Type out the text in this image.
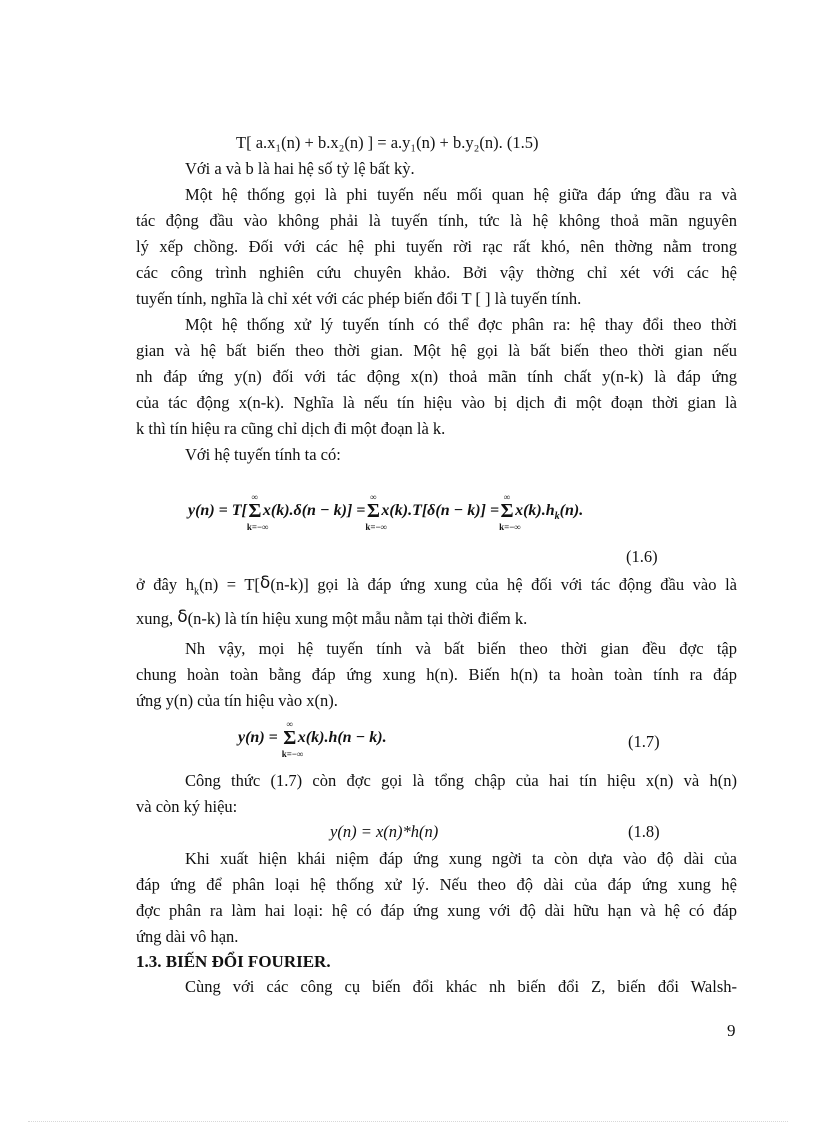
T[ a.x₁(n) + b.x₂(n) ] = a.y₁(n) + b.y₂(n). (1.5)
Với a và b là hai hệ số tỷ lệ bất kỳ.
Một hệ thống gọi là phi tuyến nếu mối quan hệ giữa đáp ứng đầu ra và
tác động đầu vào không phải là tuyến tính, tức là hệ không thoả mãn nguyên
lý xếp chồng. Đối với các hệ phi tuyến rời rạc rất khó, nên thờng nằm trong
các công trình nghiên cứu chuyên khảo. Bởi vậy thờng chỉ xét với các hệ
tuyến tính, nghĩa là chỉ xét với các phép biến đổi T [ ] là tuyến tính.
Một hệ thống xử lý tuyến tính có thể đợc phân ra: hệ thay đổi theo thời
gian và hệ bất biến theo thời gian. Một hệ gọi là bất biến theo thời gian nếu
nh đáp ứng y(n) đối với tác động x(n) thoả mãn tính chất y(n-k) là đáp ứng
của tác động x(n-k). Nghĩa là nếu tín hiệu vào bị dịch đi một đoạn thời gian là
k thì tín hiệu ra cũng chỉ dịch đi một đoạn là k.
Với hệ tuyến tính ta có:
y(n) = T[
∞
Σ
k=−∞
x(k).δ(n − k)] =
∞
Σ
k=−∞
x(k).T[δ(n − k)] =
∞
Σ
k=−∞
$x(k).h_k(n)$.
(1.6)
ở đây $h_k(n) = T[\delta(n-k)]$ gọi là đáp ứng xung của hệ đối với tác động đầu vào là
xung, δ(n-k) là tín hiệu xung một mẫu nằm tại thời điểm k.
Nh vậy, mọi hệ tuyến tính và bất biến theo thời gian đều đợc tập
chung hoàn toàn bằng đáp ứng xung h(n). Biến h(n) ta hoàn toàn tính ra đáp
ứng y(n) của tín hiệu vào x(n).
y(n) =
∞
Σ
k=−∞
x(k).h(n − k).	(1.7)
Công thức (1.7) còn đợc gọi là tổng chập của hai tín hiệu x(n) và h(n)
và còn ký hiệu:
y(n) = x(n)*h(n)	(1.8)
Khi xuất hiện khái niệm đáp ứng xung ngời ta còn dựa vào độ dài của
đáp ứng để phân loại hệ thống xử lý. Nếu theo độ dài của đáp ứng xung hệ
đợc phân ra làm hai loại: hệ có đáp ứng xung với độ dài hữu hạn và hệ có đáp
ứng dài vô hạn.
1.3. BIẾN ĐỔI FOURIER.
Cùng với các công cụ biến đổi khác nh biến đổi Z, biến đổi Walsh-
9
